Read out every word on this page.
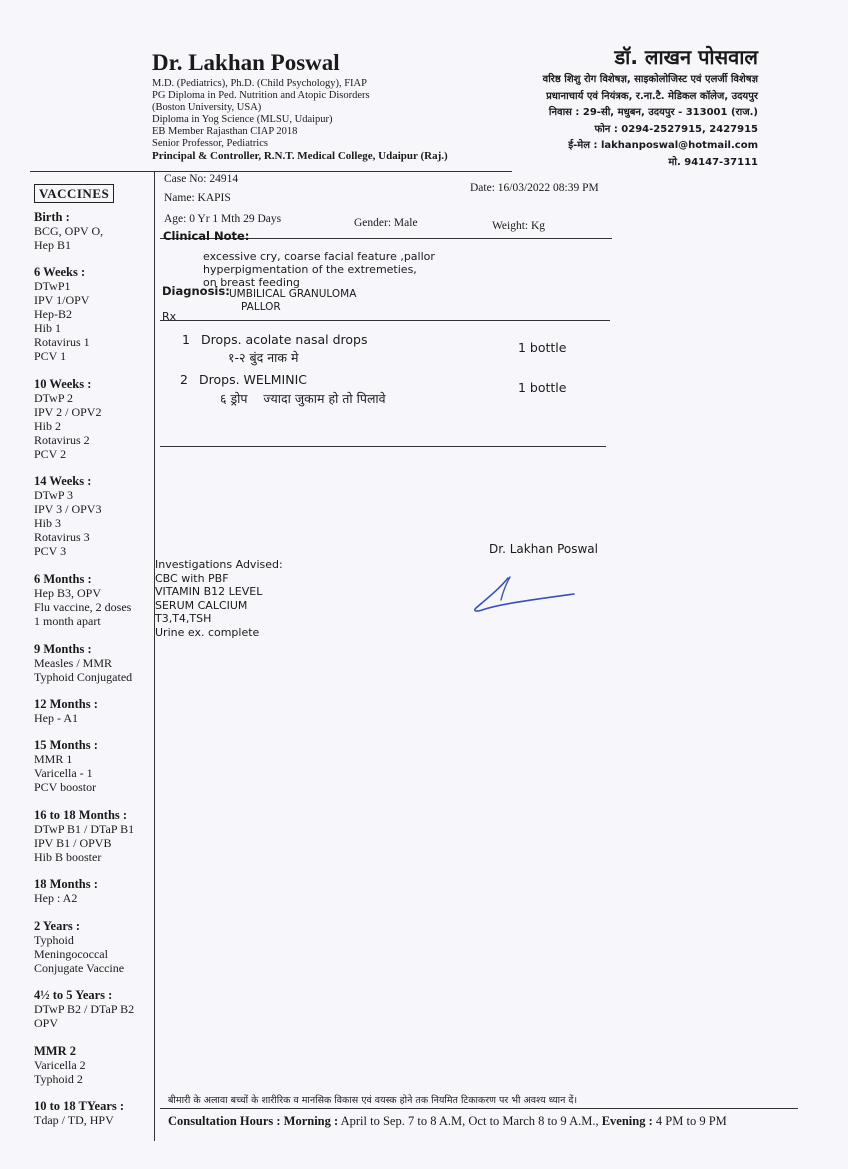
Dr. Lakhan Poswal
M.D. (Pediatrics), Ph.D. (Child Psychology), FIAP
PG Diploma in Ped. Nutrition and Atopic Disorders
(Boston University, USA)
Diploma in Yog Science (MLSU, Udaipur)
EB Member Rajasthan CIAP 2018
Senior Professor, Pediatrics
Principal & Controller, R.N.T. Medical College, Udaipur (Raj.)
डॉ. लाखन पोसवाल
वरिष्ठ शिशु रोग विशेषज्ञ, साइकोलोजिस्ट एवं एलर्जी विशेषज्ञ
प्रधानाचार्य एवं नियंत्रक, र.ना.टै. मेडिकल कॉलेज, उदयपुर
निवास : 29-सी, मधुबन, उदयपुर - 313001 (राज.)
फोन : 0294-2527915, 2427915
ई-मेल : lakhanposwal@hotmail.com
मो. 94147-37111
VACCINES
Birth :
BCG, OPV O,
Hep B1
6 Weeks :
DTwP1
IPV 1/OPV
Hep-B2
Hib 1
Rotavirus 1
PCV 1
10 Weeks :
DTwP 2
IPV 2 / OPV2
Hib 2
Rotavirus 2
PCV 2
14 Weeks :
DTwP 3
IPV 3 / OPV3
Hib 3
Rotavirus 3
PCV 3
6 Months :
Hep B3, OPV
Flu vaccine, 2 doses
1 month apart
9 Months :
Measles / MMR
Typhoid Conjugated
12 Months :
Hep - A1
15 Months :
MMR 1
Varicella - 1
PCV boostor
16 to 18 Months :
DTwP B1 / DTaP B1
IPV B1 / OPVB
Hib B booster
18 Months :
Hep : A2
2 Years :
Typhoid
Meningococcal
Conjugate Vaccine
4½ to 5 Years :
DTwP B2 / DTaP B2
OPV
MMR 2
Varicella 2
Typhoid 2
10 to 18 TYears :
Tdap / TD, HPV
Case No: 24914
Date: 16/03/2022 08:39 PM
Name: KAPIS
Age: 0 Yr 1 Mth 29 Days	Gender: Male	Weight: Kg
Clinical Note:
excessive cry, coarse facial feature ,pallor
hyperpigmentation of the extremeties,
on breast feeding
Diagnosis: UMBILICAL GRANULOMA
PALLOR
Rx
1 Drops. acolate nasal drops
1 bottle
१-२ बुंद नाक मे
2 Drops. WELMINIC
1 bottle
६ ड्रोप    ज्यादा जुकाम हो तो पिलावे
Dr. Lakhan Poswal
Investigations Advised:
CBC with PBF
VITAMIN B12 LEVEL
SERUM CALCIUM
T3,T4,TSH
Urine ex. complete
बीमारी के अलावा बच्चों के शारीरिक व मानसिक विकास एवं वयस्क होने तक नियमित टिकाकरण पर भी अवश्य ध्यान दें।
Consultation Hours : Morning : April to Sep. 7 to 8 A.M, Oct to March 8 to 9 A.M., Evening : 4 PM to 9 PM
